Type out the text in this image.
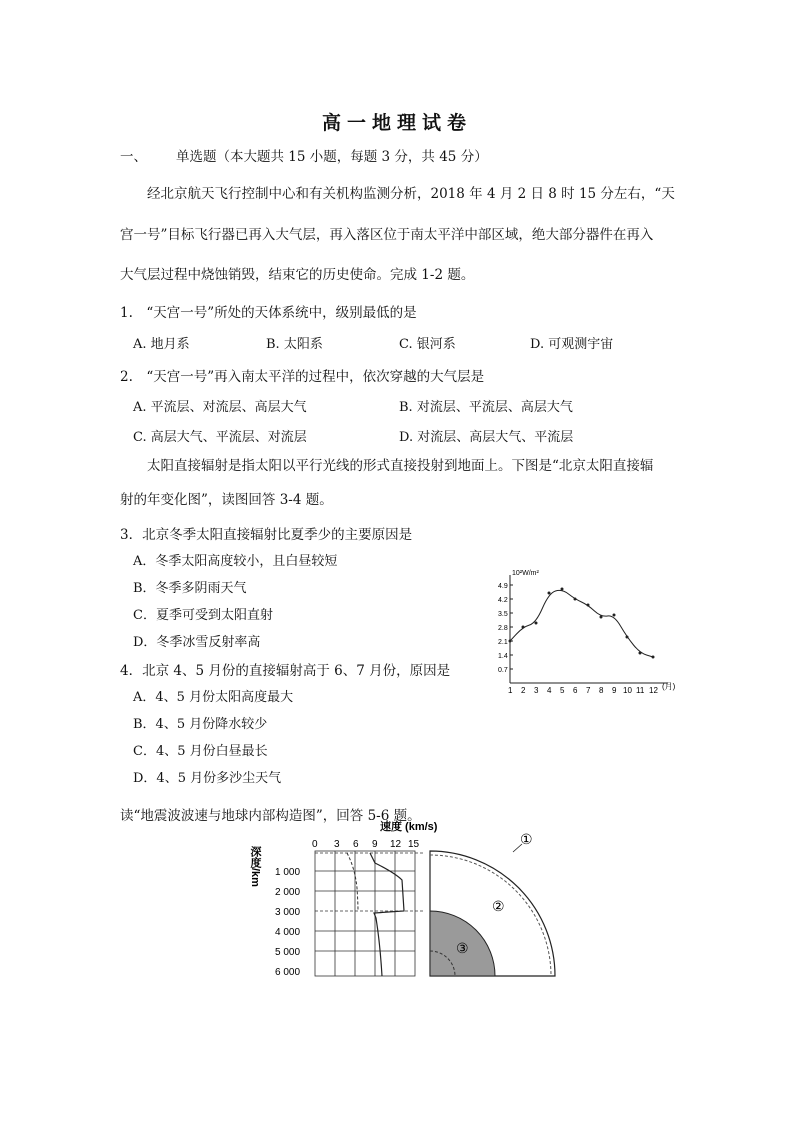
高一地理试卷
一、 单选题（本大题共 15 小题，每题 3 分，共 45 分）
经北京航天飞行控制中心和有关机构监测分析，2018 年 4 月 2 日 8 时 15 分左右，“天
宫一号”目标飞行器已再入大气层，再入落区位于南太平洋中部区域，绝大部分器件在再入
大气层过程中烧蚀销毁，结束它的历史使命。完成 1-2 题。
1.　“天宫一号”所处的天体系统中，级别最低的是
A. 地月系	B. 太阳系	C. 银河系	D. 可观测宇宙
2.　“天宫一号”再入南太平洋的过程中，依次穿越的大气层是
A. 平流层、对流层、高层大气	B. 对流层、平流层、高层大气
C. 高层大气、平流层、对流层	D. 对流层、高层大气、平流层
太阳直接辐射是指太阳以平行光线的形式直接投射到地面上。下图是“北京太阳直接辐
射的年变化图”，读图回答 3-4 题。
3．北京冬季太阳直接辐射比夏季少的主要原因是
A．冬季太阳高度较小，且白昼较短
B．冬季多阴雨天气
C．夏季可受到太阳直射
D．冬季冰雪反射率高
4．北京 4、5 月份的直接辐射高于 6、7 月份，原因是
A．4、5 月份太阳高度最大
B．4、5 月份降水较少
C．4、5 月份白昼最长
D．4、5 月份多沙尘天气
读“地震波波速与地球内部构造图”，回答 5-6 题。
10²W/m²
(月)
0.7
1.4
2.1
2.8
3.5
4.2
4.9
1 2 3 4 5 6 7 8 9 10 11 12
速度 (km/s)
0 3 6 9 12 15
深度/km 1 000
2 000
3 000
4 000
5 000
6 000
①
②
③
